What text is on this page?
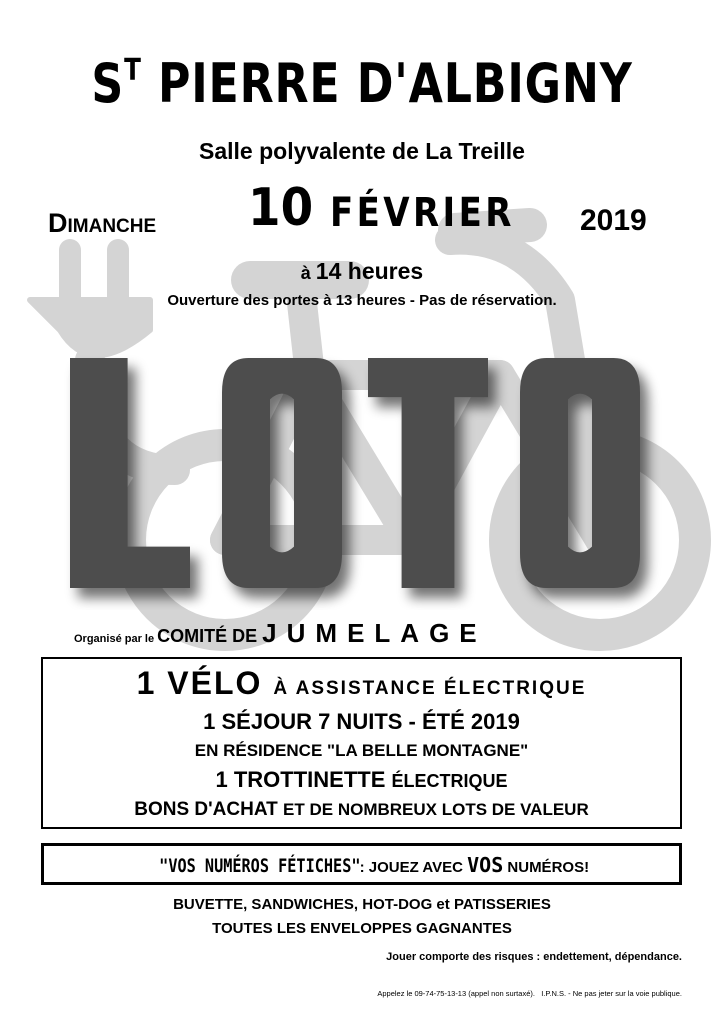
$S^T$ PIERRE D'ALBIGNY
Salle polyvalente de La Treille
Dimanche 10 FÉVRIER 2019
à 14 heures
Ouverture des portes à 13 heures - Pas de réservation.
Organisé par le COMITÉ DE JUMELAGE
1 VÉLO À ASSISTANCE ÉLECTRIQUE
1 SÉJOUR 7 NUITS - ÉTÉ 2019
EN RÉSIDENCE "LA BELLE MONTAGNE"
1 TROTTINETTE ÉLECTRIQUE
BONS D'ACHAT ET DE NOMBREUX LOTS DE VALEUR
"VOS NUMÉROS FÉTICHES": JOUEZ AVEC VOS NUMÉROS!
BUVETTE, SANDWICHES, HOT-DOG et PATISSERIES
TOUTES LES ENVELOPPES GAGNANTES
Jouer comporte des risques : endettement, dépendance.
Appelez le 09-74-75-13-13 (appel non surtaxé). I.P.N.S. - Ne pas jeter sur la voie publique.
